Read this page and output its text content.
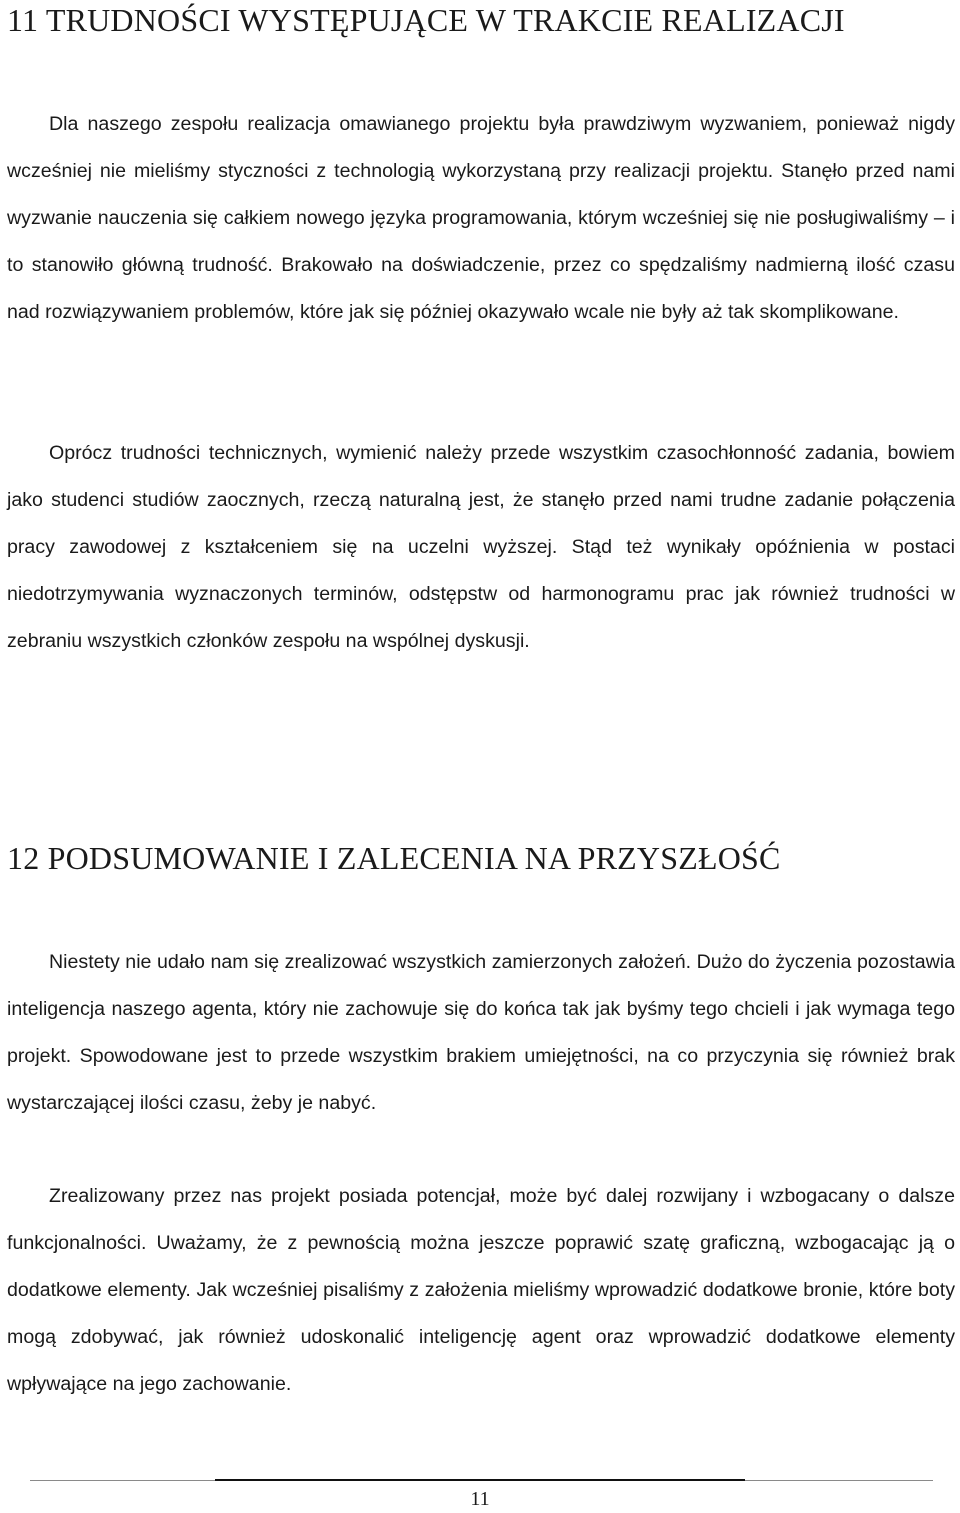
11 TRUDNOŚCI WYSTĘPUJĄCE W TRAKCIE REALIZACJI

Dla naszego zespołu realizacja omawianego projektu była prawdziwym wyzwaniem, ponieważ nigdy wcześniej nie mieliśmy styczności z technologią wykorzystaną przy realizacji projektu. Stanęło przed nami wyzwanie nauczenia się całkiem nowego języka programowania, którym wcześniej się nie posługiwaliśmy – i to stanowiło główną trudność. Brakowało na doświadczenie, przez co spędzaliśmy nadmierną ilość czasu nad rozwiązywaniem problemów, które jak się później okazywało wcale nie były aż tak skomplikowane.

Oprócz trudności technicznych, wymienić należy przede wszystkim czasochłonność zadania, bowiem jako studenci studiów zaocznych, rzeczą naturalną jest, że stanęło przed nami trudne zadanie połączenia pracy zawodowej z kształceniem się na uczelni wyższej. Stąd też wynikały opóźnienia w postaci niedotrzymywania wyznaczonych terminów, odstępstw od harmonogramu prac jak również trudności w zebraniu wszystkich członków zespołu na wspólnej dyskusji.

12 PODSUMOWANIE I ZALECENIA NA PRZYSZŁOŚĆ

Niestety nie udało nam się zrealizować wszystkich zamierzonych założeń. Dużo do życzenia pozostawia inteligencja naszego agenta, który nie zachowuje się do końca tak jak byśmy tego chcieli i jak wymaga tego projekt. Spowodowane jest to przede wszystkim brakiem umiejętności, na co przyczynia się również brak wystarczającej ilości czasu, żeby je nabyć.

Zrealizowany przez nas projekt posiada potencjał, może być dalej rozwijany i wzbogacany o dalsze funkcjonalności. Uważamy, że z pewnością można jeszcze poprawić szatę graficzną, wzbogacając ją o dodatkowe elementy. Jak wcześniej pisaliśmy z założenia mieliśmy wprowadzić dodatkowe bronie, które boty mogą zdobywać, jak również udoskonalić inteligencję agent oraz wprowadzić dodatkowe elementy wpływające na jego zachowanie.

11
